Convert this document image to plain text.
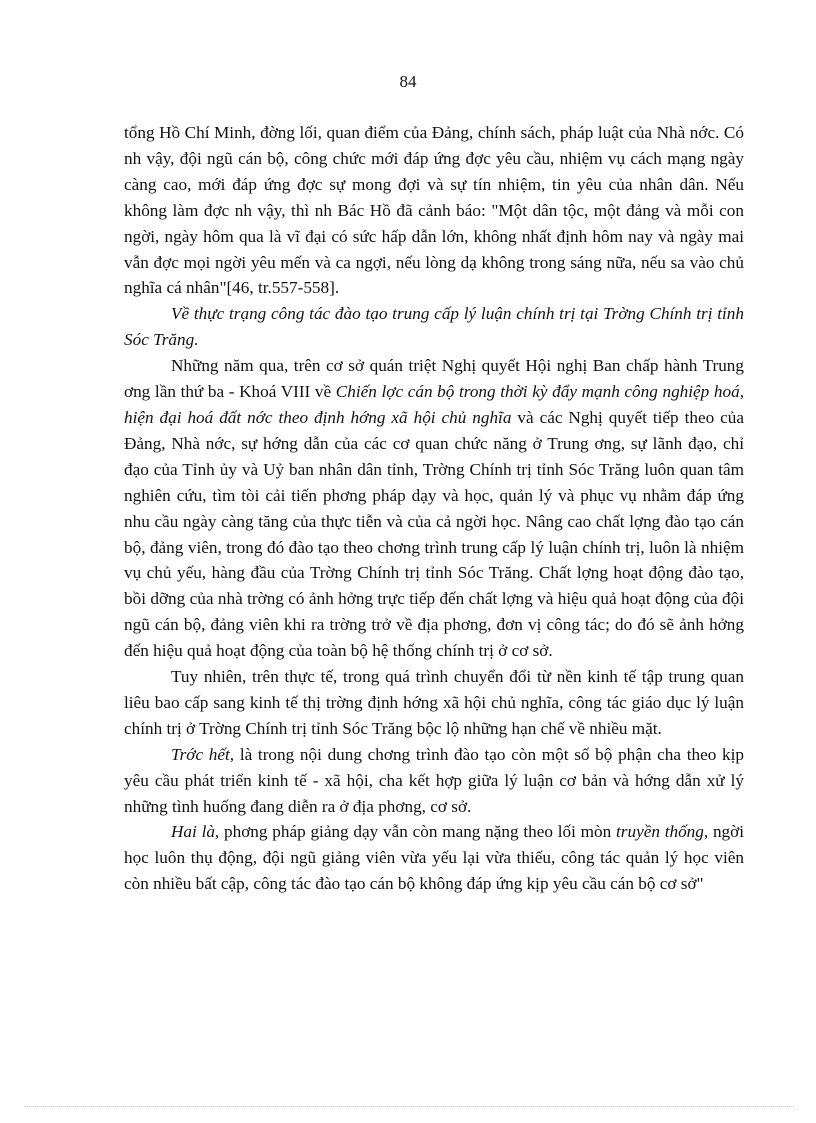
84

tổng Hồ Chí Minh, đờng lối, quan điểm của Đảng, chính sách, pháp luật của Nhà nớc. Có nh vậy, đội ngũ cán bộ, công chức mới đáp ứng đợc yêu cầu, nhiệm vụ cách mạng ngày càng cao, mới đáp ứng đợc sự mong đợi và sự tín nhiệm, tin yêu của nhân dân. Nếu không làm đợc nh vậy, thì nh Bác Hồ đã cảnh báo: "Một dân tộc, một đảng và mỗi con ngời, ngày hôm qua là vĩ đại có sức hấp dẫn lớn, không nhất định hôm nay và ngày mai vẫn đợc mọi ngời yêu mến và ca ngợi, nếu lòng dạ không trong sáng nữa, nếu sa vào chủ nghĩa cá nhân"[46, tr.557-558].

Về thực trạng công tác đào tạo trung cấp lý luận chính trị tại Trờng Chính trị tỉnh Sóc Trăng.

Những năm qua, trên cơ sở quán triệt Nghị quyết Hội nghị Ban chấp hành Trung ơng lần thứ ba - Khoá VIII về Chiến lợc cán bộ trong thời kỳ đẩy mạnh công nghiệp hoá, hiện đại hoá đất nớc theo định hớng xã hội chủ nghĩa và các Nghị quyết tiếp theo của Đảng, Nhà nớc, sự hớng dẫn của các cơ quan chức năng ở Trung ơng, sự lãnh đạo, chỉ đạo của Tỉnh ủy và Uỷ ban nhân dân tỉnh, Trờng Chính trị tỉnh Sóc Trăng luôn quan tâm nghiên cứu, tìm tòi cải tiến phơng pháp dạy và học, quản lý và phục vụ nhằm đáp ứng nhu cầu ngày càng tăng của thực tiễn và của cả ngời học. Nâng cao chất lợng đào tạo cán bộ, đảng viên, trong đó đào tạo theo chơng trình trung cấp lý luận chính trị, luôn là nhiệm vụ chủ yếu, hàng đầu của Trờng Chính trị tỉnh Sóc Trăng. Chất lợng hoạt động đào tạo, bồi dỡng của nhà trờng có ảnh hởng trực tiếp đến chất lợng và hiệu quả hoạt động của đội ngũ cán bộ, đảng viên khi ra trờng trở về địa phơng, đơn vị công tác; do đó sẽ ảnh hởng đến hiệu quả hoạt động của toàn bộ hệ thống chính trị ở cơ sở.

Tuy nhiên, trên thực tế, trong quá trình chuyển đổi từ nền kinh tế tập trung quan liêu bao cấp sang kinh tế thị trờng định hớng xã hội chủ nghĩa, công tác giáo dục lý luận chính trị ở Trờng Chính trị tỉnh Sóc Trăng bộc lộ những hạn chế về nhiều mặt.

Trớc hết, là trong nội dung chơng trình đào tạo còn một số bộ phận cha theo kịp yêu cầu phát triển kinh tế - xã hội, cha kết hợp giữa lý luận cơ bản và hớng dẫn xử lý những tình huống đang diễn ra ở địa phơng, cơ sở.

Hai là, phơng pháp giảng dạy vẫn còn mang nặng theo lối mòn truyền thống, ngời học luôn thụ động, đội ngũ giảng viên vừa yếu lại vừa thiếu, công tác quản lý học viên còn nhiều bất cập, công tác đào tạo cán bộ không đáp ứng kịp yêu cầu cán bộ cơ sở"
